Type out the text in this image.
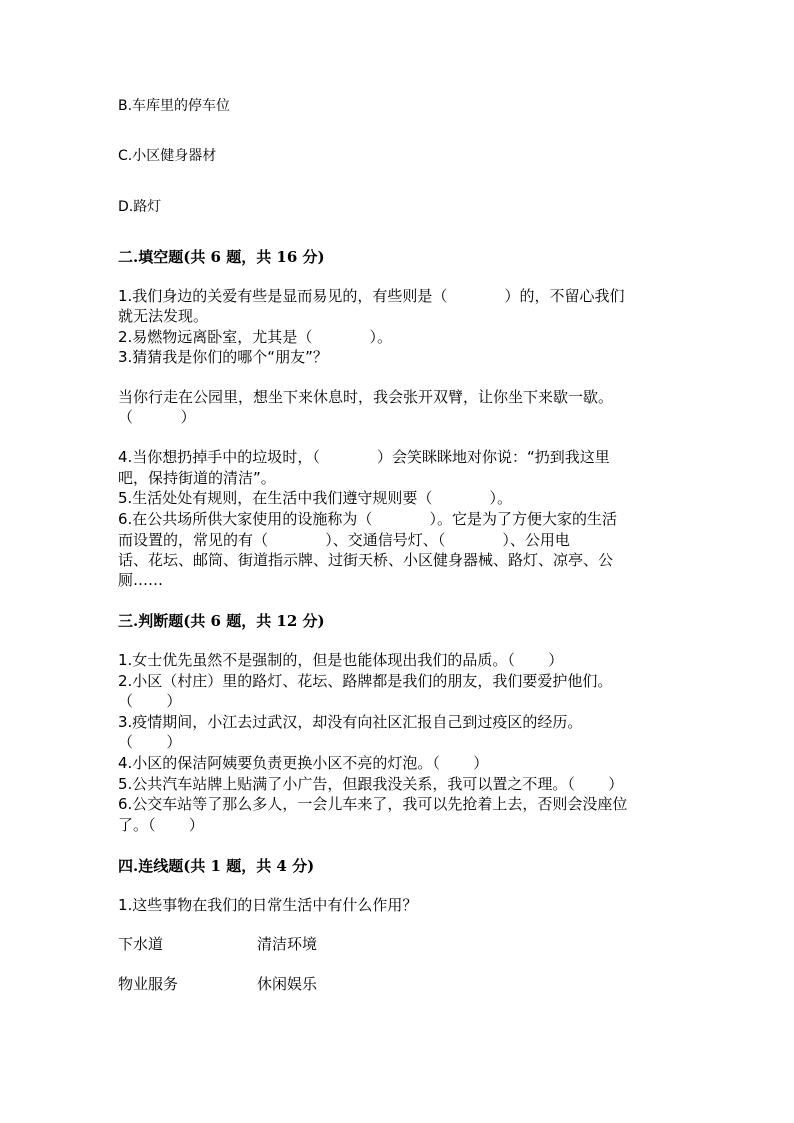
B.车库里的停车位
C.小区健身器材
D.路灯
二.填空题(共 6 题，共 16 分)
1.我们身边的关爱有些是显而易见的，有些则是（            ）的，不留心我们
就无法发现。
2.易燃物远离卧室，尤其是（            ）。
3.猜猜我是你们的哪个“朋友”？
当你行走在公园里，想坐下来休息时，我会张开双臂，让你坐下来歇一歇。
（          ）
4.当你想扔掉手中的垃圾时，（            ）会笑眯眯地对你说：“扔到我这里
吧，保持街道的清洁”。
5.生活处处有规则，在生活中我们遵守规则要（            ）。
6.在公共场所供大家使用的设施称为（            ）。它是为了方便大家的生活
而设置的，常见的有（            ）、交通信号灯、（            ）、公用电
话、花坛、邮筒、街道指示牌、过街天桥、小区健身器械、路灯、凉亭、公
厕……
三.判断题(共 6 题，共 12 分)
1.女士优先虽然不是强制的，但是也能体现出我们的品质。（       ）
2.小区（村庄）里的路灯、花坛、路牌都是我们的朋友，我们要爱护他们。
（       ）
3.疫情期间，小江去过武汉，却没有向社区汇报自己到过疫区的经历。
（       ）
4.小区的保洁阿姨要负责更换小区不亮的灯泡。（       ）
5.公共汽车站牌上贴满了小广告，但跟我没关系，我可以置之不理。（       ）
6.公交车站等了那么多人，一会儿车来了，我可以先抢着上去，否则会没座位
了。（       ）
四.连线题(共 1 题，共 4 分)
1.这些事物在我们的日常生活中有什么作用？
下水道	清洁环境
物业服务	休闲娱乐
